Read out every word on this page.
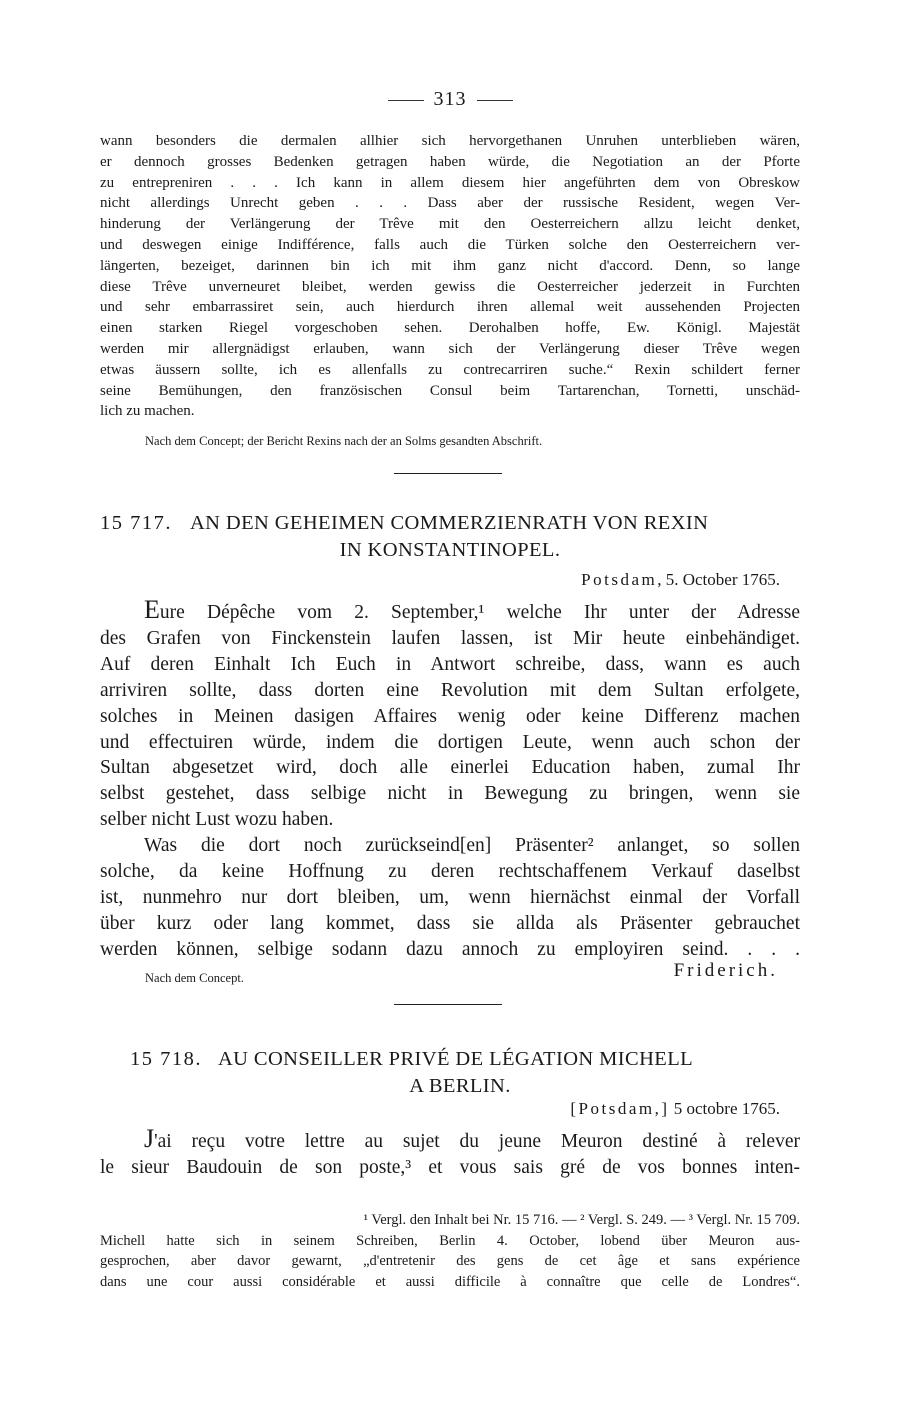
313
wann besonders die dermalen allhier sich hervorgethanen Unruhen unterblieben wären,
er dennoch grosses Bedenken getragen haben würde, die Negotiation an der Pforte
zu entrepreniren . . . Ich kann in allem diesem hier angeführten dem von Obreskow
nicht allerdings Unrecht geben . . . Dass aber der russische Resident, wegen Ver-
hinderung der Verlängerung der Trêve mit den Oesterreichern allzu leicht denket,
und deswegen einige Indifférence, falls auch die Türken solche den Oesterreichern ver-
längerten, bezeiget, darinnen bin ich mit ihm ganz nicht d'accord. Denn, so lange
diese Trêve unverneuret bleibet, werden gewiss die Oesterreicher jederzeit in Furchten
und sehr embarrassiret sein, auch hierdurch ihren allemal weit aussehenden Projecten
einen starken Riegel vorgeschoben sehen. Derohalben hoffe, Ew. Königl. Majestät
werden mir allergnädigst erlauben, wann sich der Verlängerung dieser Trêve wegen
etwas äussern sollte, ich es allenfalls zu contrecarriren suche.“ Rexin schildert ferner
seine Bemühungen, den französischen Consul beim Tartarenchan, Tornetti, unschäd-
lich zu machen.
Nach dem Concept; der Bericht Rexins nach der an Solms gesandten Abschrift.
15 717. AN DEN GEHEIMEN COMMERZIENRATH VON REXIN
IN KONSTANTINOPEL.
Potsdam, 5. October 1765.
Eure Dépêche vom 2. September,¹ welche Ihr unter der Adresse
des Grafen von Finckenstein laufen lassen, ist Mir heute einbehändiget.
Auf deren Einhalt Ich Euch in Antwort schreibe, dass, wann es auch
arriviren sollte, dass dorten eine Revolution mit dem Sultan erfolgete,
solches in Meinen dasigen Affaires wenig oder keine Differenz machen
und effectuiren würde, indem die dortigen Leute, wenn auch schon der
Sultan abgesetzet wird, doch alle einerlei Education haben, zumal Ihr
selbst gestehet, dass selbige nicht in Bewegung zu bringen, wenn sie
selber nicht Lust wozu haben.
Was die dort noch zurückseind[en] Präsenter² anlanget, so sollen
solche, da keine Hoffnung zu deren rechtschaffenem Verkauf daselbst
ist, nunmehro nur dort bleiben, um, wenn hiernächst einmal der Vorfall
über kurz oder lang kommet, dass sie allda als Präsenter gebrauchet
werden können, selbige sodann dazu annoch zu employiren seind. . . .
Nach dem Concept.	Friderich.
15 718. AU CONSEILLER PRIVÉ DE LÉGATION MICHELL
A BERLIN.
[Potsdam,] 5 octobre 1765.
J'ai reçu votre lettre au sujet du jeune Meuron destiné à relever
le sieur Baudouin de son poste,³ et vous sais gré de vos bonnes inten-
¹ Vergl. den Inhalt bei Nr. 15 716. — ² Vergl. S. 249. — ³ Vergl. Nr. 15 709.
Michell hatte sich in seinem Schreiben, Berlin 4. October, lobend über Meuron aus-
gesprochen, aber davor gewarnt, „d'entretenir des gens de cet âge et sans expérience
dans une cour aussi considérable et aussi difficile à connaître que celle de Londres“.
